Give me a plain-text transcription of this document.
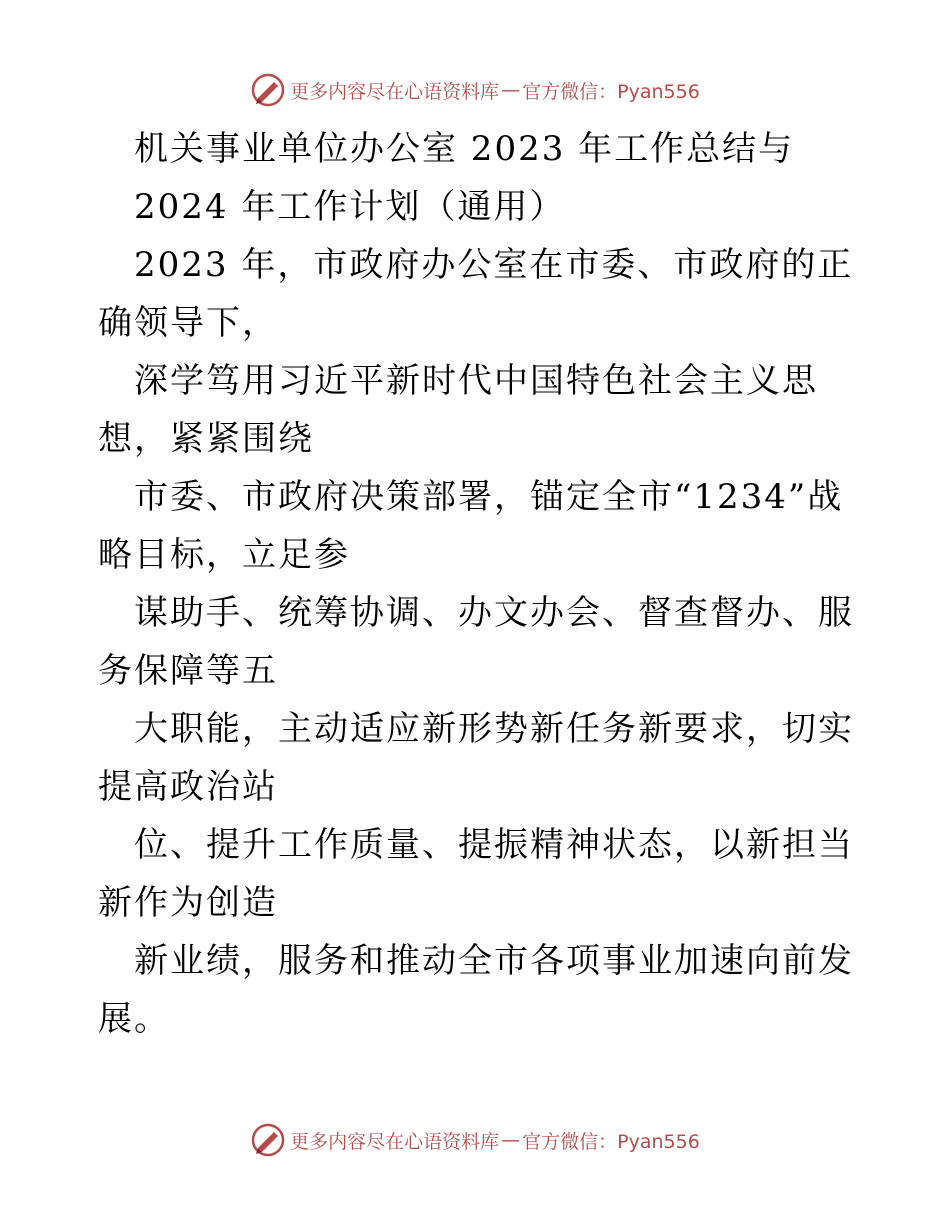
更多内容尽在心语资料库 — 官方微信：Pyan556

机关事业单位办公室 2023 年工作总结与

2024 年工作计划（通用）

2023 年，市政府办公室在市委、市政府的正确领导下，

深学笃用习近平新时代中国特色社会主义思想，紧紧围绕

市委、市政府决策部署，锚定全市“1234”战略目标，立足参

谋助手、统筹协调、办文办会、督查督办、服务保障等五

大职能，主动适应新形势新任务新要求，切实提高政治站

位、提升工作质量、提振精神状态，以新担当新作为创造

新业绩，服务和推动全市各项事业加速向前发展。

更多内容尽在心语资料库 — 官方微信：Pyan556
